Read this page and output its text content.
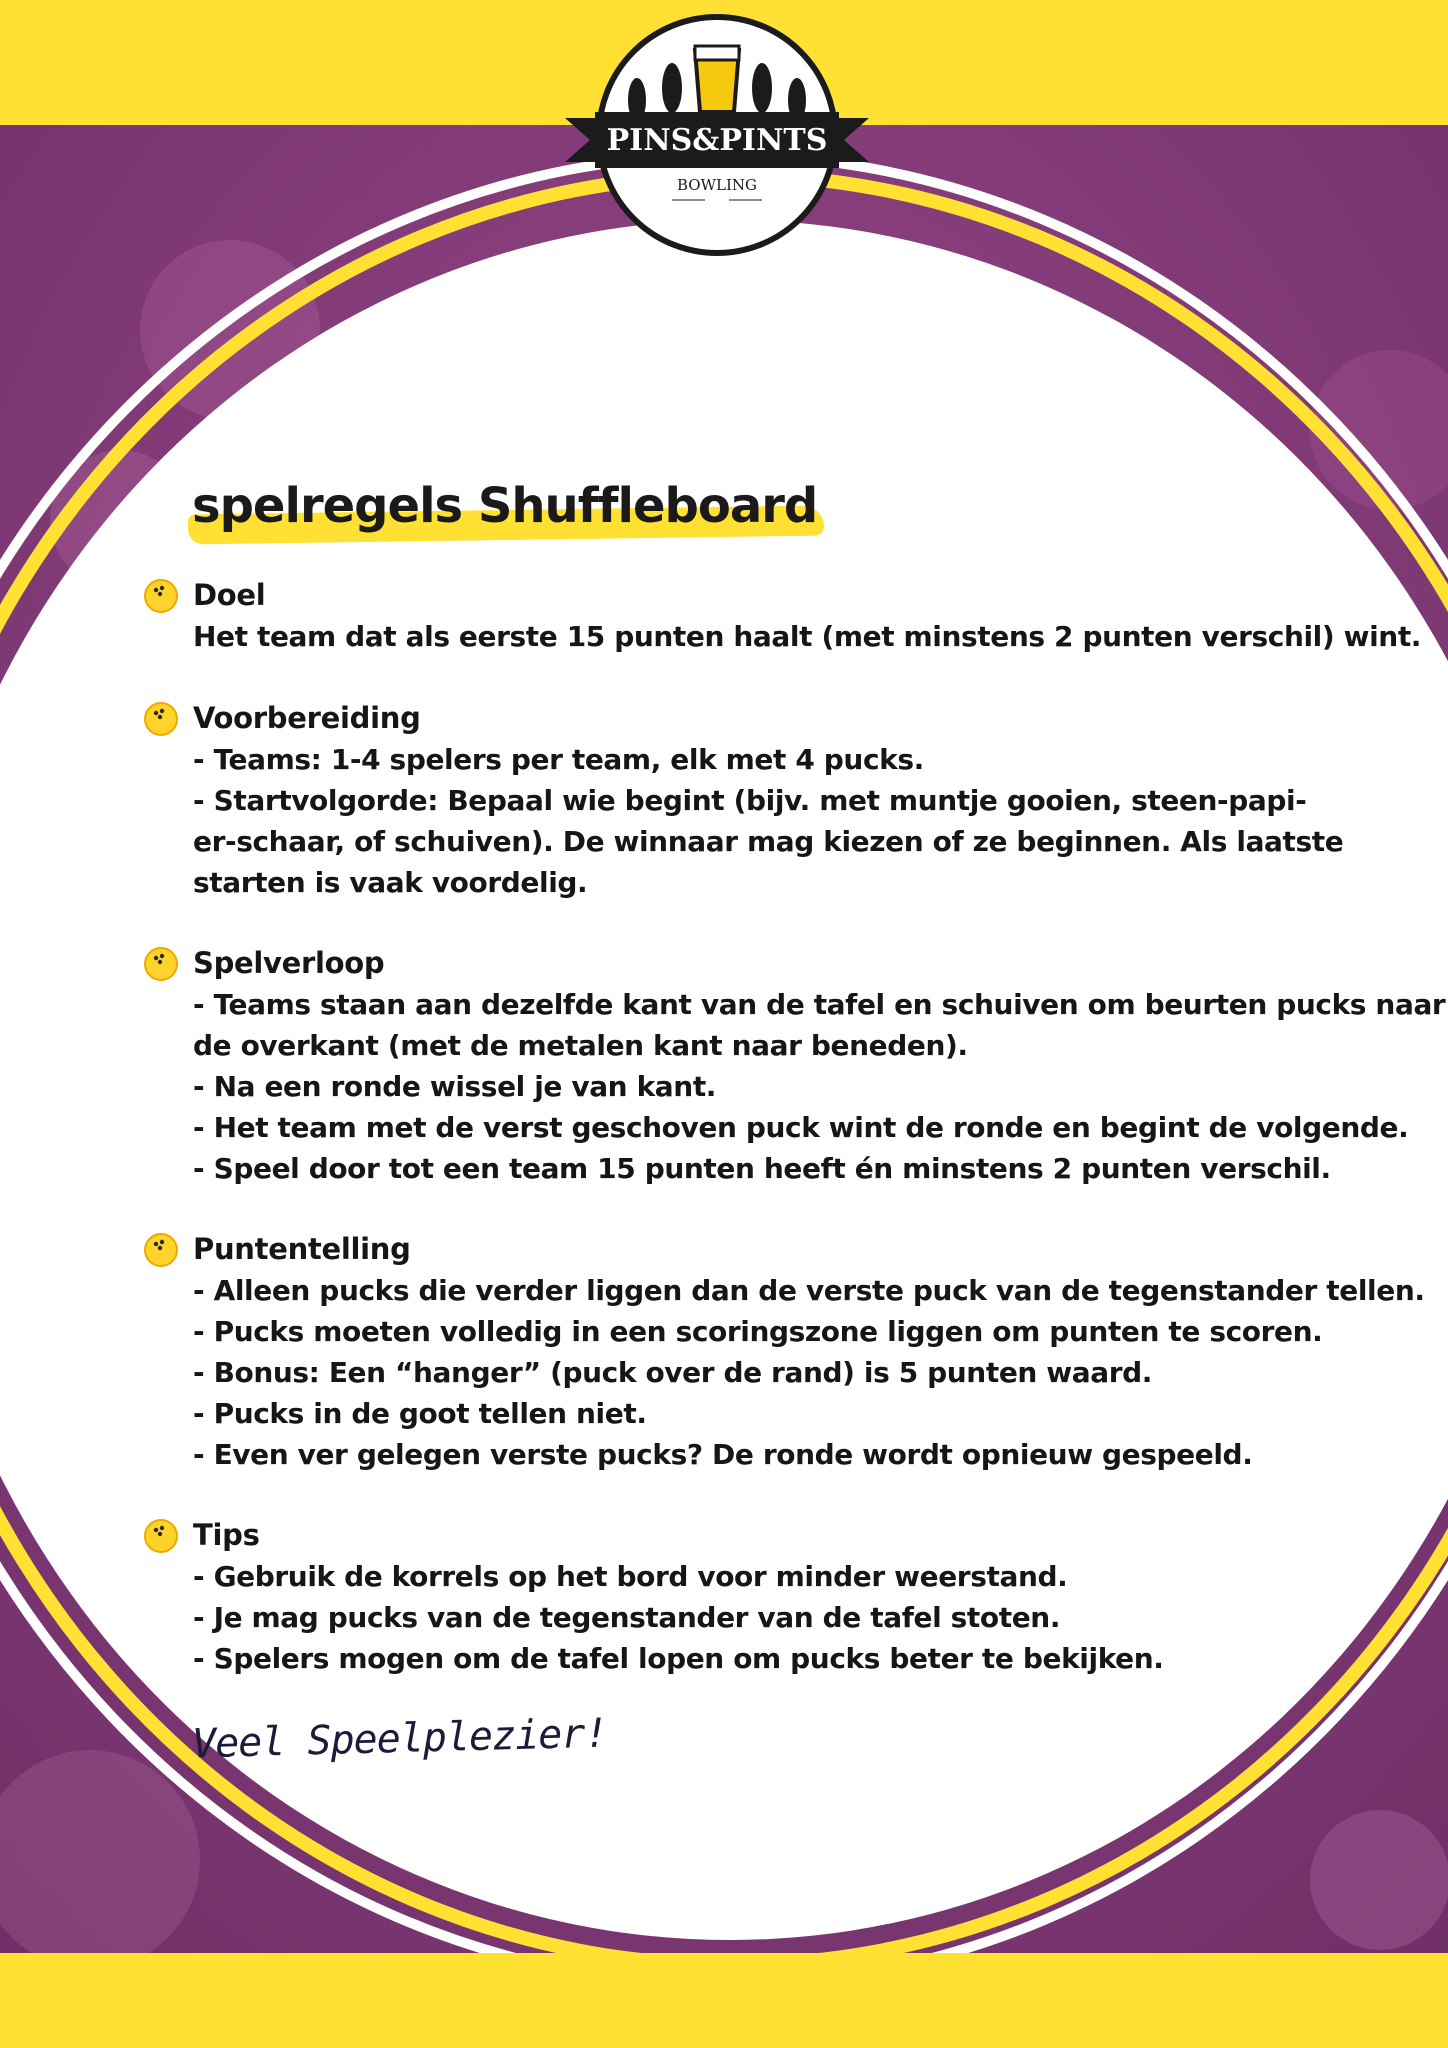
PINS&PINTS
BOWLING
spelregels Shuffleboard
Doel
Het team dat als eerste 15 punten haalt (met minstens 2 punten verschil) wint.
Voorbereiding
- Teams: 1-4 spelers per team, elk met 4 pucks.
- Startvolgorde: Bepaal wie begint (bijv. met muntje gooien, steen-papi-
er-schaar, of schuiven). De winnaar mag kiezen of ze beginnen. Als laatste
starten is vaak voordelig.
Spelverloop
- Teams staan aan dezelfde kant van de tafel en schuiven om beurten pucks naar
de overkant (met de metalen kant naar beneden).
- Na een ronde wissel je van kant.
- Het team met de verst geschoven puck wint de ronde en begint de volgende.
- Speel door tot een team 15 punten heeft én minstens 2 punten verschil.
Puntentelling
- Alleen pucks die verder liggen dan de verste puck van de tegenstander tellen.
- Pucks moeten volledig in een scoringszone liggen om punten te scoren.
- Bonus: Een “hanger” (puck over de rand) is 5 punten waard.
- Pucks in de goot tellen niet.
- Even ver gelegen verste pucks? De ronde wordt opnieuw gespeeld.
Tips
- Gebruik de korrels op het bord voor minder weerstand.
- Je mag pucks van de tegenstander van de tafel stoten.
- Spelers mogen om de tafel lopen om pucks beter te bekijken.
Veel Speelplezier!
